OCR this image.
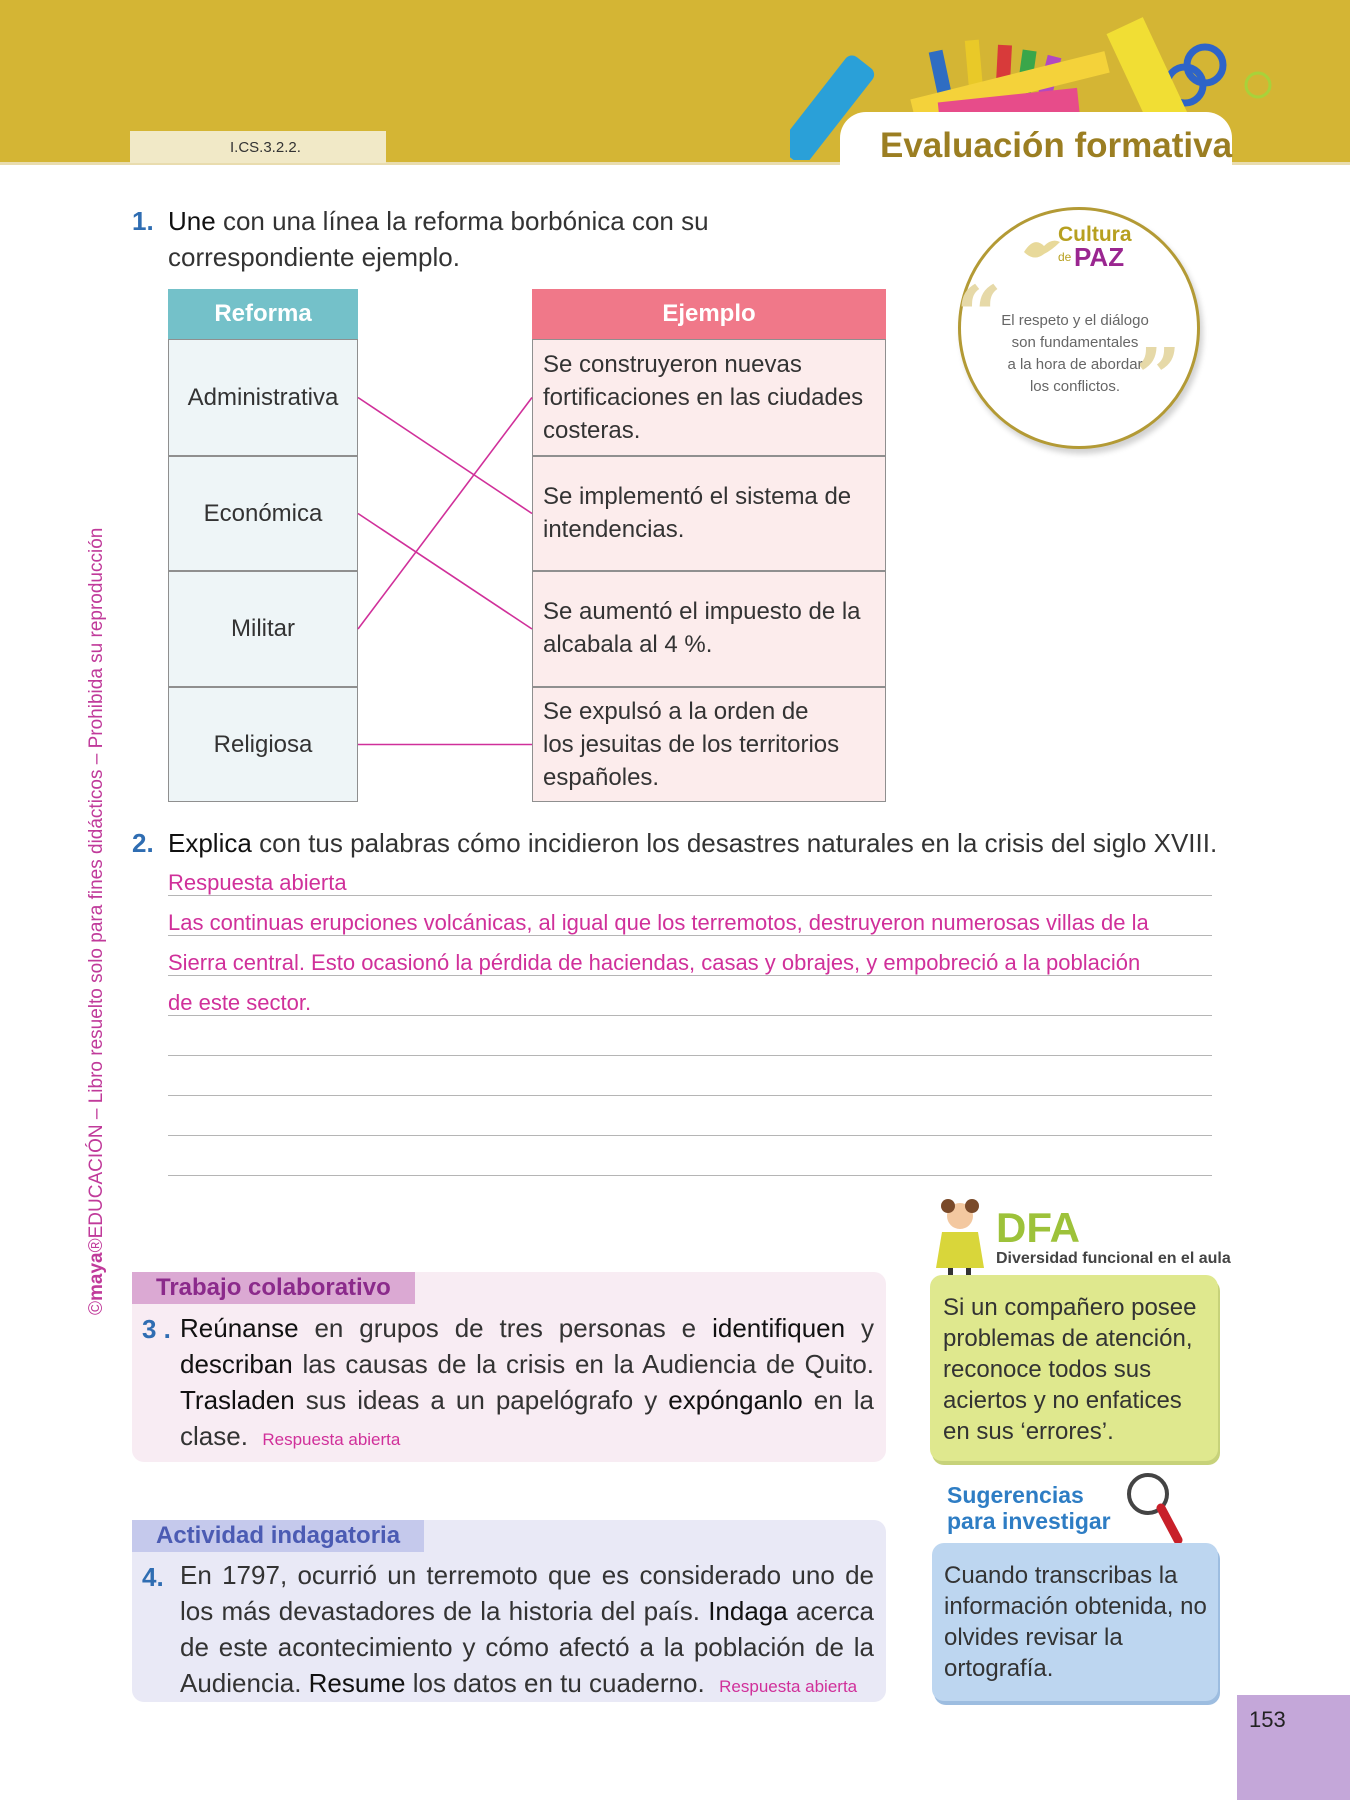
I.CS.3.2.2.	Evaluación formativa
©maya®EDUCACIÓN – Libro resuelto solo para fines didácticos – Prohibida su reproducción
1. Une con una línea la reforma borbónica con su
correspondiente ejemplo.
Reforma	Ejemplo
Administrativa
Económica
Militar
Religiosa
Se construyeron nuevas
fortificaciones en las ciudades
costeras.
Se implementó el sistema de
intendencias.
Se aumentó el impuesto de la
alcabala al 4 %.
Se expulsó a la orden de
los jesuitas de los territorios
españoles.
Cultura
de PAZ
“
”
El respeto y el diálogo
son fundamentales
a la hora de abordar
los conflictos.
2. Explica con tus palabras cómo incidieron los desastres naturales en la crisis del siglo XVIII.
Respuesta abierta
Las continuas erupciones volcánicas, al igual que los terremotos, destruyeron numerosas villas de la
Sierra central. Esto ocasionó la pérdida de haciendas, casas y obrajes, y empobreció a la población
de este sector.
Trabajo colaborativo
3 . Reúnanse en grupos de tres personas e identifiquen y describan las causas de la crisis en la Audiencia de Quito. Trasladen sus ideas a un papelógrafo y expónganlo en la clase. Respuesta abierta
Actividad indagatoria
4. En 1797, ocurrió un terremoto que es considerado uno de los más devastadores de la historia del país. Indaga acerca de este acontecimiento y cómo afectó a la población de la Audiencia. Resume los datos en tu cuaderno. Respuesta abierta
DFA
Diversidad funcional en el aula
Si un compañero posee problemas de atención, reconoce todos sus aciertos y no enfatices en sus ‘errores’.
Sugerencias
para investigar
Cuando transcribas la información obtenida, no olvides revisar la ortografía.
153
